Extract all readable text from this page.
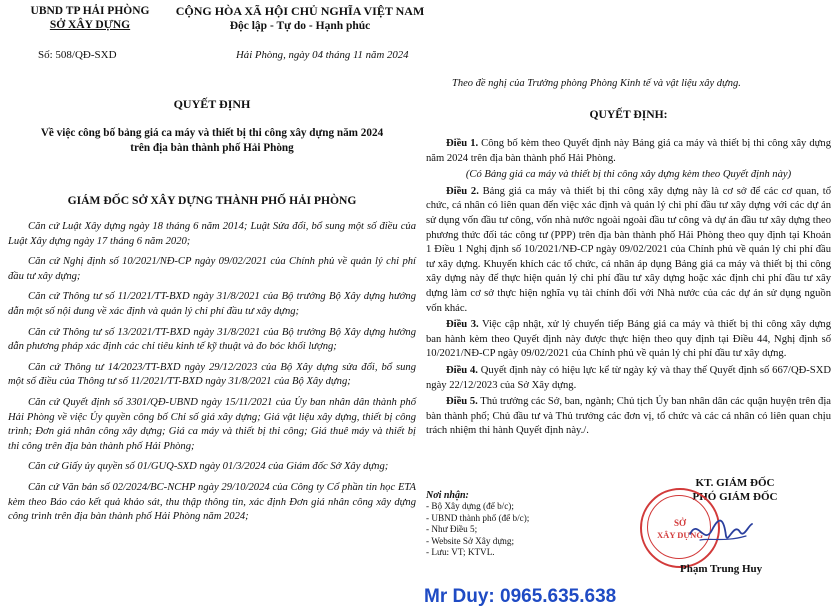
UBND TP HẢI PHÒNG
SỞ XÂY DỰNG
Số: 508/QĐ-SXD
CỘNG HÒA XÃ HỘI CHỦ NGHĨA VIỆT NAM
Độc lập - Tự do - Hạnh phúc
Hải Phòng, ngày 04 tháng 11 năm 2024
QUYẾT ĐỊNH
Về việc công bố bảng giá ca máy và thiết bị thi công xây dựng năm 2024
trên địa bàn thành phố Hải Phòng
GIÁM ĐỐC SỞ XÂY DỰNG THÀNH PHỐ HẢI PHÒNG

Căn cứ Luật Xây dựng ngày 18 tháng 6 năm 2014; Luật Sửa đổi, bổ sung một số điều của Luật Xây dựng ngày 17 tháng 6 năm 2020;

Căn cứ Nghị định số 10/2021/NĐ-CP ngày 09/02/2021 của Chính phủ về quản lý chi phí đầu tư xây dựng;

Căn cứ Thông tư số 11/2021/TT-BXD ngày 31/8/2021 của Bộ trưởng Bộ Xây dựng hướng dẫn một số nội dung về xác định và quản lý chi phí đầu tư xây dựng;

Căn cứ Thông tư số 13/2021/TT-BXD ngày 31/8/2021 của Bộ trưởng Bộ Xây dựng hướng dẫn phương pháp xác định các chỉ tiêu kinh tế kỹ thuật và đo bóc khối lượng;

Căn cứ Thông tư 14/2023/TT-BXD ngày 29/12/2023 của Bộ Xây dựng sửa đổi, bổ sung một số điều của Thông tư số 11/2021/TT-BXD ngày 31/8/2021 của Bộ Xây dựng;

Căn cứ Quyết định số 3301/QĐ-UBND ngày 15/11/2021 của Ủy ban nhân dân thành phố Hải Phòng về việc Ủy quyền công bố Chỉ số giá xây dựng; Giá vật liệu xây dựng, thiết bị công trình; Đơn giá nhân công xây dựng; Giá ca máy và thiết bị thi công; Giá thuê máy và thiết bị thi công trên địa bàn thành phố Hải Phòng;

Căn cứ Giấy ủy quyền số 01/GUQ-SXD ngày 01/3/2024 của Giám đốc Sở Xây dựng;

Căn cứ Văn bản số 02/2024/BC-NCHP ngày 29/10/2024 của Công ty Cổ phần tin học ETA kèm theo Báo cáo kết quả khảo sát, thu thập thông tin, xác định Đơn giá nhân công xây dựng công trình trên địa bàn thành phố Hải Phòng năm 2024;

Theo đề nghị của Trưởng phòng Phòng Kinh tế và vật liệu xây dựng.
QUYẾT ĐỊNH:

Điều 1. Công bố kèm theo Quyết định này Bảng giá ca máy và thiết bị thi công xây dựng năm 2024 trên địa bàn thành phố Hải Phòng.

(Có Bảng giá ca máy và thiết bị thi công xây dựng kèm theo Quyết định này)

Điều 2. Bảng giá ca máy và thiết bị thi công xây dựng này là cơ sở để các cơ quan, tổ chức, cá nhân có liên quan đến việc xác định và quản lý chi phí đầu tư xây dựng với các dự án sử dụng vốn đầu tư công, vốn nhà nước ngoài ngoài đầu tư công và dự án đầu tư xây dựng theo phương thức đối tác công tư (PPP) trên địa bàn thành phố Hải Phòng theo quy định tại Khoản 1 Điều 1 Nghị định số 10/2021/NĐ-CP ngày 09/02/2021 của Chính phủ về quản lý chi phí đầu tư xây dựng. Khuyến khích các tổ chức, cá nhân áp dụng Bảng giá ca máy và thiết bị thi công xây dựng này để thực hiện quản lý chi phí đầu tư xây dựng hoặc xác định chi phí đầu tư xây dựng làm cơ sở thực hiện nghĩa vụ tài chính đối với Nhà nước của các dự án sử dụng nguồn vốn khác.

Điều 3. Việc cập nhật, xử lý chuyển tiếp Bảng giá ca máy và thiết bị thi công xây dựng ban hành kèm theo Quyết định này được thực hiện theo quy định tại Điều 44, Nghị định số 10/2021/NĐ-CP ngày 09/02/2021 của Chính phủ về quản lý chi phí đầu tư xây dựng.

Điều 4. Quyết định này có hiệu lực kể từ ngày ký và thay thế Quyết định số 667/QĐ-SXD ngày 22/12/2023 của Sở Xây dựng.

Điều 5. Thủ trưởng các Sở, ban, ngành; Chủ tịch Ủy ban nhân dân các quận huyện trên địa bàn thành phố; Chủ đầu tư và Thủ trưởng các đơn vị, tổ chức và các cá nhân có liên quan chịu trách nhiệm thi hành Quyết định này./.

Nơi nhận:
- Bộ Xây dựng (để b/c);
- UBND thành phố (để b/c);
- Như Điều 5;
- Website Sở Xây dựng;
- Lưu: VT; KTVL.
KT. GIÁM ĐỐC
PHÓ GIÁM ĐỐC
SỞ
XÂY DỰNG
Phạm Trung Huy
Mr Duy: 0965.635.638
